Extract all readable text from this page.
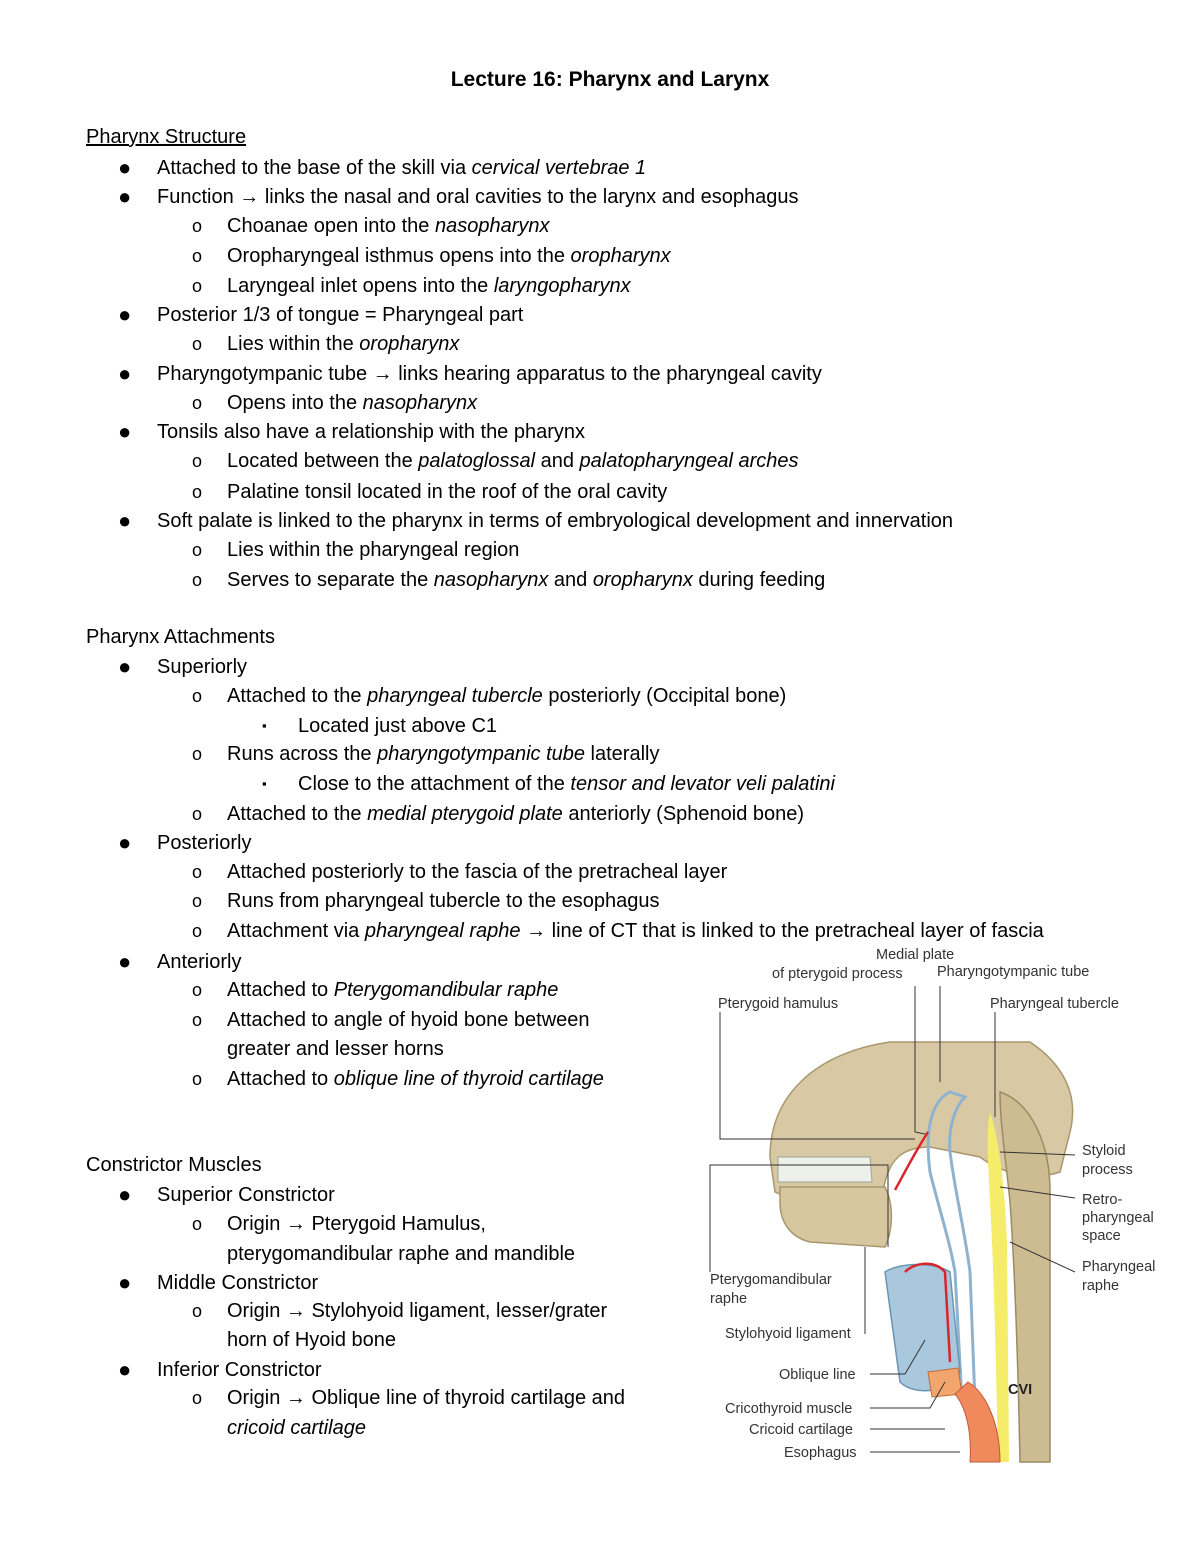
Lecture 16: Pharynx and Larynx
Pharynx Structure
● Attached to the base of the skill via cervical vertebrae 1
● Function → links the nasal and oral cavities to the larynx and esophagus
o Choanae open into the nasopharynx
o Oropharyngeal isthmus opens into the oropharynx
o Laryngeal inlet opens into the laryngopharynx
● Posterior 1/3 of tongue = Pharyngeal part
o Lies within the oropharynx
● Pharyngotympanic tube → links hearing apparatus to the pharyngeal cavity
o Opens into the nasopharynx
● Tonsils also have a relationship with the pharynx
o Located between the palatoglossal and palatopharyngeal arches
o Palatine tonsil located in the roof of the oral cavity
● Soft palate is linked to the pharynx in terms of embryological development and innervation
o Lies within the pharyngeal region
o Serves to separate the nasopharynx and oropharynx during feeding
Pharynx Attachments
● Superiorly
o Attached to the pharyngeal tubercle posteriorly (Occipital bone)
▪ Located just above C1
o Runs across the pharyngotympanic tube laterally
▪ Close to the attachment of the tensor and levator veli palatini
o Attached to the medial pterygoid plate anteriorly (Sphenoid bone)
● Posteriorly
o Attached posteriorly to the fascia of the pretracheal layer
o Runs from pharyngeal tubercle to the esophagus
o Attachment via pharyngeal raphe → line of CT that is linked to the pretracheal layer of fascia
● Anteriorly
o Attached to Pterygomandibular raphe
o Attached to angle of hyoid bone between
greater and lesser horns
o Attached to oblique line of thyroid cartilage
Constrictor Muscles
● Superior Constrictor
o Origin → Pterygoid Hamulus,
pterygomandibular raphe and mandible
● Middle Constrictor
o Origin → Stylohyoid ligament, lesser/grater
horn of Hyoid bone
● Inferior Constrictor
o Origin → Oblique line of thyroid cartilage and
cricoid cartilage
Medial plate
of pterygoid process Pharyngotympanic tube
Pterygoid hamulus	Pharyngeal tubercle
Styloid
process
Retro-
pharyngeal
space
Pharyngeal
raphe
Pterygomandibular
raphe
Stylohyoid ligament
Oblique line
Cricothyroid muscle
Cricoid cartilage
Esophagus
CVI
